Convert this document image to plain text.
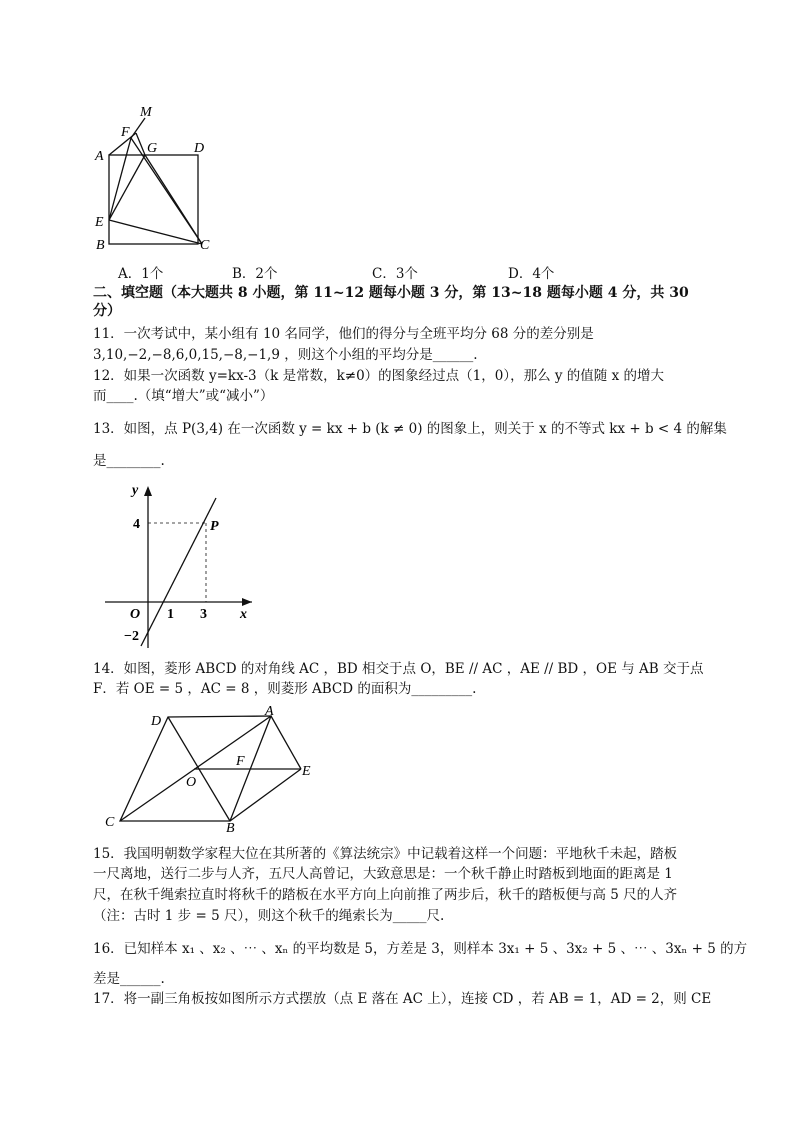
M
F
A
G	D
E
B	C
A．1个	B．2个	C．3个	D．4个
二、填空题（本大题共 8 小题，第 11~12 题每小题 3 分，第 13~18 题每小题 4 分，共 30
分）
11．一次考试中，某小组有 10 名同学，他们的得分与全班平均分 68 分的差分别是
3,10,−2,−8,6,0,15,−8,−1,9 ，则这个小组的平均分是______.
12．如果一次函数 y=kx-3（k 是常数，k≠0）的图象经过点（1，0），那么 y 的值随 x 的增大
而____.（填“增大”或“减小”）
13．如图，点 P(3,4) 在一次函数 y = kx + b (k ≠ 0) 的图象上，则关于 x 的不等式 kx + b < 4 的解集
是________.
y
x
O
4
1 3
−2
P
14．如图，菱形 ABCD 的对角线 AC ，BD 相交于点 O，BE // AC ，AE // BD ，OE 与 AB 交于点
F．若 OE = 5 ，AC = 8 ，则菱形 ABCD 的面积为_________.
D
A
F
O
E
C	B
15．我国明朝数学家程大位在其所著的《算法统宗》中记载着这样一个问题：平地秋千未起，踏板
一尺离地，送行二步与人齐，五尺人高曾记，大致意思是：一个秋千静止时踏板到地面的距离是 1
尺，在秋千绳索拉直时将秋千的踏板在水平方向上向前推了两步后，秋千的踏板便与高 5 尺的人齐
（注：古时 1 步 = 5 尺），则这个秋千的绳索长为_____尺.
16．已知样本 x₁ 、x₂ 、⋯ 、xₙ 的平均数是 5，方差是 3，则样本 3x₁ + 5 、3x₂ + 5 、⋯ 、3xₙ + 5 的方
差是______.
17．将一副三角板按如图所示方式摆放（点 E 落在 AC 上），连接 CD ，若 AB = 1，AD = 2，则 CE
